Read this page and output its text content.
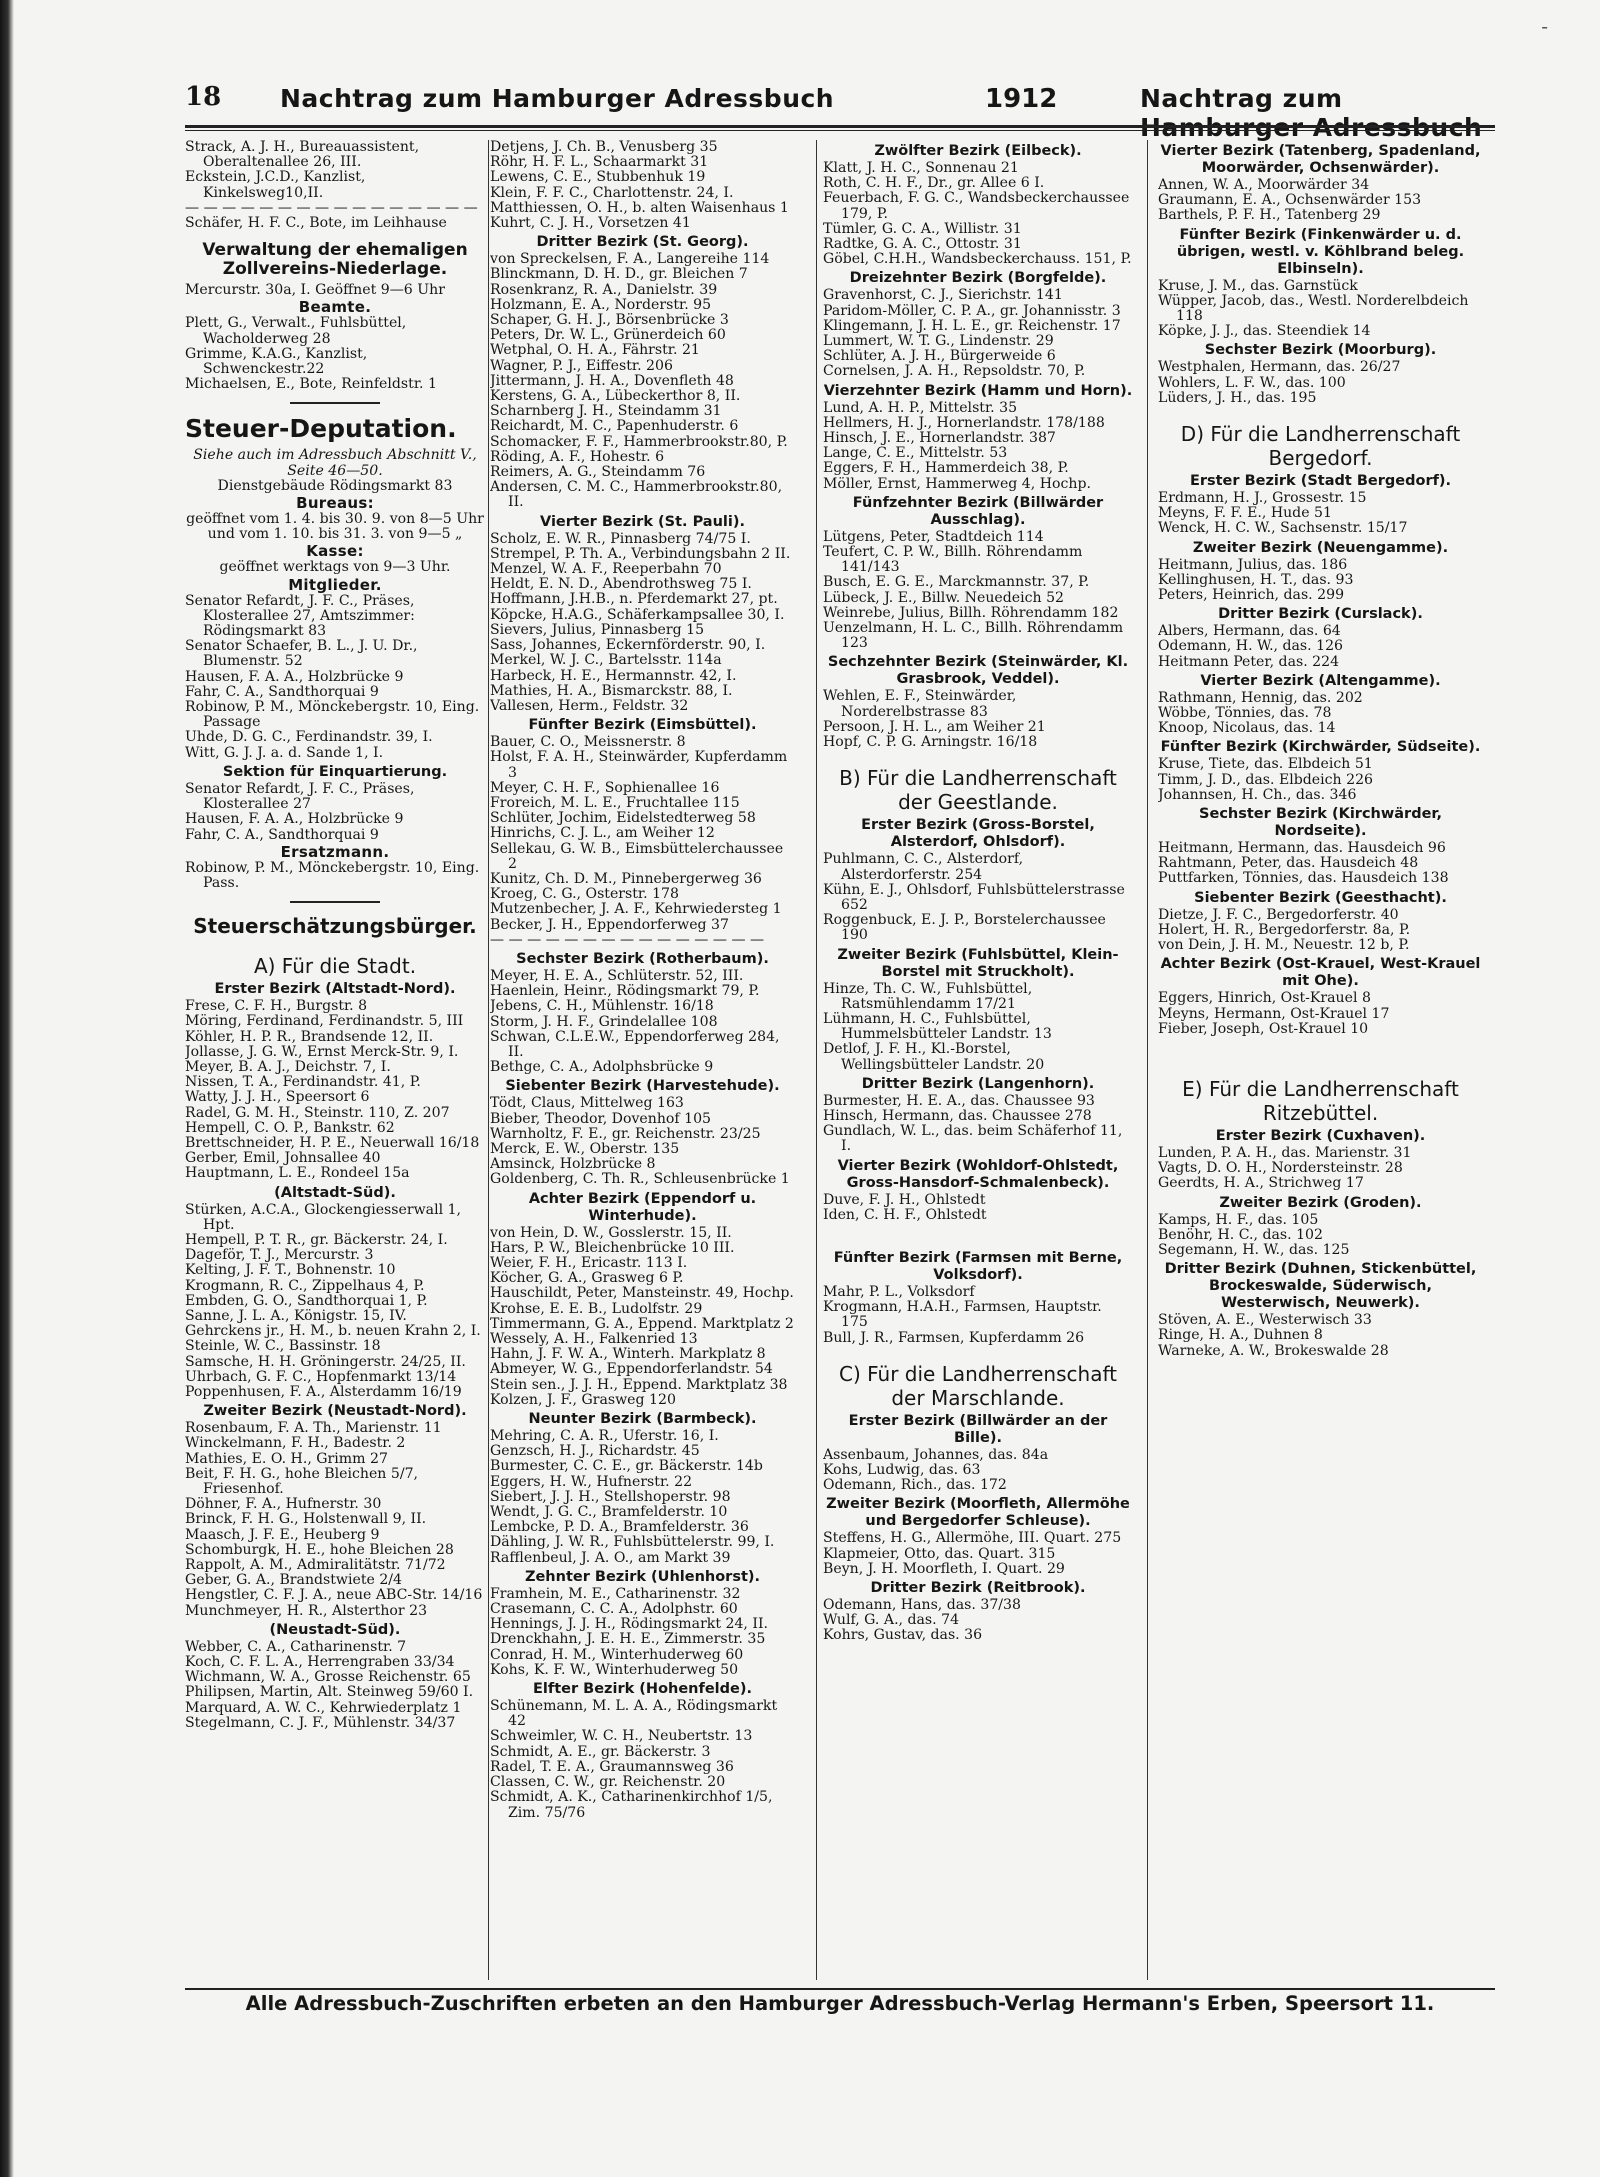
-
18 Nachtrag zum Hamburger Adressbuch	1912	Nachtrag zum Hamburger Adressbuch
Strack, A. J. H., Bureauassistent, Oberaltenallee 26, III.
Eckstein, J.C.D., Kanzlist, Kinkelsweg10,II.
— — — — — — — — — — — — — — — —
Schäfer, H. F. C., Bote, im Leihhause
Verwaltung der ehemaligen Zollvereins-Niederlage.
Mercurstr. 30a, I. Geöffnet 9—6 Uhr
Beamte.
Plett, G., Verwalt., Fuhlsbüttel, Wacholderweg 28
Grimme, K.A.G., Kanzlist, Schwenckestr.22
Michaelsen, E., Bote, Reinfeldstr. 1
Steuer-Deputation.
Siehe auch im Adressbuch Abschnitt V., Seite 46—50.
Dienstgebäude Rödingsmarkt 83
Bureaus:
geöffnet vom 1. 4. bis 30. 9. von 8—5 Uhr und vom 1. 10. bis 31. 3. von 9—5 „
Kasse:
geöffnet werktags von 9—3 Uhr.
Mitglieder.
Senator Refardt, J. F. C., Präses, Klosterallee 27, Amtszimmer: Rödingsmarkt 83
Senator Schaefer, B. L., J. U. Dr., Blumenstr. 52
Hausen, F. A. A., Holzbrücke 9
Fahr, C. A., Sandthorquai 9
Robinow, P. M., Mönckebergstr. 10, Eing. Passage
Uhde, D. G. C., Ferdinandstr. 39, I.
Witt, G. J. J. a. d. Sande 1, I.
Sektion für Einquartierung.
Senator Refardt, J. F. C., Präses, Klosterallee 27
Hausen, F. A. A., Holzbrücke 9
Fahr, C. A., Sandthorquai 9
Ersatzmann.
Robinow, P. M., Mönckebergstr. 10, Eing. Pass.
Steuerschätzungsbürger.
A) Für die Stadt.
Erster Bezirk (Altstadt-Nord).
Frese, C. F. H., Burgstr. 8
Möring, Ferdinand, Ferdinandstr. 5, III
Köhler, H. P. R., Brandsende 12, II.
Jollasse, J. G. W., Ernst Merck-Str. 9, I.
Meyer, B. A. J., Deichstr. 7, I.
Nissen, T. A., Ferdinandstr. 41, P.
Watty, J. J. H., Speersort 6
Radel, G. M. H., Steinstr. 110, Z. 207
Hempell, C. O. P., Bankstr. 62
Brettschneider, H. P. E., Neuerwall 16/18
Gerber, Emil, Johnsallee 40
Hauptmann, L. E., Rondeel 15a
(Altstadt-Süd).
Stürken, A.C.A., Glockengiesserwall 1, Hpt.
Hempell, P. T. R., gr. Bäckerstr. 24, I.
Dageför, T. J., Mercurstr. 3
Kelting, J. F. T., Bohnenstr. 10
Krogmann, R. C., Zippelhaus 4, P.
Embden, G. O., Sandthorquai 1, P.
Sanne, J. L. A., Königstr. 15, IV.
Gehrckens jr., H. M., b. neuen Krahn 2, I.
Steinle, W. C., Bassinstr. 18
Samsche, H. H. Gröningerstr. 24/25, II.
Uhrbach, G. F. C., Hopfenmarkt 13/14
Poppenhusen, F. A., Alsterdamm 16/19
Zweiter Bezirk (Neustadt-Nord).
Rosenbaum, F. A. Th., Marienstr. 11
Winckelmann, F. H., Badestr. 2
Mathies, E. O. H., Grimm 27
Beit, F. H. G., hohe Bleichen 5/7, Friesenhof.
Döhner, F. A., Hufnerstr. 30
Brinck, F. H. G., Holstenwall 9, II.
Maasch, J. F. E., Heuberg 9
Schomburgk, H. E., hohe Bleichen 28
Rappolt, A. M., Admiralitätstr. 71/72
Geber, G. A., Brandstwiete 2/4
Hengstler, C. F. J. A., neue ABC-Str. 14/16
Munchmeyer, H. R., Alsterthor 23
(Neustadt-Süd).
Webber, C. A., Catharinenstr. 7
Koch, C. F. L. A., Herrengraben 33/34
Wichmann, W. A., Grosse Reichenstr. 65
Philipsen, Martin, Alt. Steinweg 59/60 I.
Marquard, A. W. C., Kehrwiederplatz 1
Stegelmann, C. J. F., Mühlenstr. 34/37
Detjens, J. Ch. B., Venusberg 35
Röhr, H. F. L., Schaarmarkt 31
Lewens, C. E., Stubbenhuk 19
Klein, F. F. C., Charlottenstr. 24, I.
Matthiessen, O. H., b. alten Waisenhaus 1
Kuhrt, C. J. H., Vorsetzen 41
Dritter Bezirk (St. Georg).
von Spreckelsen, F. A., Langereihe 114
Blinckmann, D. H. D., gr. Bleichen 7
Rosenkranz, R. A., Danielstr. 39
Holzmann, E. A., Norderstr. 95
Schaper, G. H. J., Börsenbrücke 3
Peters, Dr. W. L., Grünerdeich 60
Wetphal, O. H. A., Fährstr. 21
Wagner, P. J., Eiffestr. 206
Jittermann, J. H. A., Dovenfleth 48
Kerstens, G. A., Lübeckerthor 8, II.
Scharnberg J. H., Steindamm 31
Reichardt, M. C., Papenhuderstr. 6
Schomacker, F. F., Hammerbrookstr.80, P.
Röding, A. F., Hohestr. 6
Reimers, A. G., Steindamm 76
Andersen, C. M. C., Hammerbrookstr.80, II.
Vierter Bezirk (St. Pauli).
Scholz, E. W. R., Pinnasberg 74/75 I.
Strempel, P. Th. A., Verbindungsbahn 2 II.
Menzel, W. A. F., Reeperbahn 70
Heldt, E. N. D., Abendrothsweg 75 I.
Hoffmann, J.H.B., n. Pferdemarkt 27, pt.
Köpcke, H.A.G., Schäferkampsallee 30, I.
Sievers, Julius, Pinnasberg 15
Sass, Johannes, Eckernförderstr. 90, I.
Merkel, W. J. C., Bartelsstr. 114a
Harbeck, H. E., Hermannstr. 42, I.
Mathies, H. A., Bismarckstr. 88, I.
Vallesen, Herm., Feldstr. 32
Fünfter Bezirk (Eimsbüttel).
Bauer, C. O., Meissnerstr. 8
Holst, F. A. H., Steinwärder, Kupferdamm 3
Meyer, C. H. F., Sophienallee 16
Froreich, M. L. E., Fruchtallee 115
Schlüter, Jochim, Eidelstedterweg 58
Hinrichs, C. J. L., am Weiher 12
Sellekau, G. W. B., Eimsbüttelerchaussee 2
Kunitz, Ch. D. M., Pinnebergerweg 36
Kroeg, C. G., Osterstr. 178
Mutzenbecher, J. A. F., Kehrwiedersteg 1
Becker, J. H., Eppendorferweg 37
— — — — — — — — — — — — — — —
Sechster Bezirk (Rotherbaum).
Meyer, H. E. A., Schlüterstr. 52, III.
Haenlein, Heinr., Rödingsmarkt 79, P.
Jebens, C. H., Mühlenstr. 16/18
Storm, J. H. F., Grindelallee 108
Schwan, C.L.E.W., Eppendorferweg 284, II.
Bethge, C. A., Adolphsbrücke 9
Siebenter Bezirk (Harvestehude).
Tödt, Claus, Mittelweg 163
Bieber, Theodor, Dovenhof 105
Warnholtz, F. E., gr. Reichenstr. 23/25
Merck, E. W., Oberstr. 135
Amsinck, Holzbrücke 8
Goldenberg, C. Th. R., Schleusenbrücke 1
Achter Bezirk (Eppendorf u. Winterhude).
von Hein, D. W., Gosslerstr. 15, II.
Hars, P. W., Bleichenbrücke 10 III.
Weier, F. H., Ericastr. 113 I.
Köcher, G. A., Grasweg 6 P.
Hauschildt, Peter, Mansteinstr. 49, Hochp.
Krohse, E. E. B., Ludolfstr. 29
Timmermann, G. A., Eppend. Marktplatz 2
Wessely, A. H., Falkenried 13
Hahn, J. F. W. A., Winterh. Markplatz 8
Abmeyer, W. G., Eppendorferlandstr. 54
Stein sen., J. J. H., Eppend. Marktplatz 38
Kolzen, J. F., Grasweg 120
Neunter Bezirk (Barmbeck).
Mehring, C. A. R., Uferstr. 16, I.
Genzsch, H. J., Richardstr. 45
Burmester, C. C. E., gr. Bäckerstr. 14b
Eggers, H. W., Hufnerstr. 22
Siebert, J. J. H., Stellshoperstr. 98
Wendt, J. G. C., Bramfelderstr. 10
Lembcke, P. D. A., Bramfelderstr. 36
Dähling, J. W. R., Fuhlsbüttelerstr. 99, I.
Rafflenbeul, J. A. O., am Markt 39
Zehnter Bezirk (Uhlenhorst).
Framhein, M. E., Catharinenstr. 32
Crasemann, C. C. A., Adolphstr. 60
Hennings, J. J. H., Rödingsmarkt 24, II.
Drenckhahn, J. E. H. E., Zimmerstr. 35
Conrad, H. M., Winterhuderweg 60
Kohs, K. F. W., Winterhuderweg 50
Elfter Bezirk (Hohenfelde).
Schünemann, M. L. A. A., Rödingsmarkt 42
Schweimler, W. C. H., Neubertstr. 13
Schmidt, A. E., gr. Bäckerstr. 3
Radel, T. E. A., Graumannsweg 36
Classen, C. W., gr. Reichenstr. 20
Schmidt, A. K., Catharinenkirchhof 1/5, Zim. 75/76
Zwölfter Bezirk (Eilbeck).
Klatt, J. H. C., Sonnenau 21
Roth, C. H. F., Dr., gr. Allee 6 I.
Feuerbach, F. G. C., Wandsbeckerchaussee 179, P.
Tümler, G. C. A., Willistr. 31
Radtke, G. A. C., Ottostr. 31
Göbel, C.H.H., Wandsbeckerchauss. 151, P.
Dreizehnter Bezirk (Borgfelde).
Gravenhorst, C. J., Sierichstr. 141
Paridom-Möller, C. P. A., gr. Johannisstr. 3
Klingemann, J. H. L. E., gr. Reichenstr. 17
Lummert, W. T. G., Lindenstr. 29
Schlüter, A. J. H., Bürgerweide 6
Cornelsen, J. A. H., Repsoldstr. 70, P.
Vierzehnter Bezirk (Hamm und Horn).
Lund, A. H. P., Mittelstr. 35
Hellmers, H. J., Hornerlandstr. 178/188
Hinsch, J. E., Hornerlandstr. 387
Lange, C. E., Mittelstr. 53
Eggers, F. H., Hammerdeich 38, P.
Möller, Ernst, Hammerweg 4, Hochp.
Fünfzehnter Bezirk (Billwärder Ausschlag).
Lütgens, Peter, Stadtdeich 114
Teufert, C. P. W., Billh. Röhrendamm 141/143
Busch, E. G. E., Marckmannstr. 37, P.
Lübeck, J. E., Billw. Neuedeich 52
Weinrebe, Julius, Billh. Röhrendamm 182
Uenzelmann, H. L. C., Billh. Röhrendamm 123
Sechzehnter Bezirk (Steinwärder, Kl. Grasbrook, Veddel).
Wehlen, E. F., Steinwärder, Norderelbstrasse 83
Persoon, J. H. L., am Weiher 21
Hopf, C. P. G. Arningstr. 16/18
B) Für die Landherrenschaft der Geestlande.
Erster Bezirk (Gross-Borstel, Alsterdorf, Ohlsdorf).
Puhlmann, C. C., Alsterdorf, Alsterdorferstr. 254
Kühn, E. J., Ohlsdorf, Fuhlsbüttelerstrasse 652
Roggenbuck, E. J. P., Borstelerchaussee 190
Zweiter Bezirk (Fuhlsbüttel, Klein-Borstel mit Struckholt).
Hinze, Th. C. W., Fuhlsbüttel, Ratsmühlendamm 17/21
Lühmann, H. C., Fuhlsbüttel, Hummelsbütteler Landstr. 13
Detlof, J. F. H., Kl.-Borstel, Wellingsbütteler Landstr. 20
Dritter Bezirk (Langenhorn).
Burmester, H. E. A., das. Chaussee 93
Hinsch, Hermann, das. Chaussee 278
Gundlach, W. L., das. beim Schäferhof 11, I.
Vierter Bezirk (Wohldorf-Ohlstedt, Gross-Hansdorf-Schmalenbeck).
Duve, F. J. H., Ohlstedt
Iden, C. H. F., Ohlstedt
Fünfter Bezirk (Farmsen mit Berne, Volksdorf).
Mahr, P. L., Volksdorf
Krogmann, H.A.H., Farmsen, Hauptstr. 175
Bull, J. R., Farmsen, Kupferdamm 26
C) Für die Landherrenschaft der Marschlande.
Erster Bezirk (Billwärder an der Bille).
Assenbaum, Johannes, das. 84a
Kohs, Ludwig, das. 63
Odemann, Rich., das. 172
Zweiter Bezirk (Moorfleth, Allermöhe und Bergedorfer Schleuse).
Steffens, H. G., Allermöhe, III. Quart. 275
Klapmeier, Otto, das. Quart. 315
Beyn, J. H. Moorfleth, I. Quart. 29
Dritter Bezirk (Reitbrook).
Odemann, Hans, das. 37/38
Wulf, G. A., das. 74
Kohrs, Gustav, das. 36
Vierter Bezirk (Tatenberg, Spadenland, Moorwärder, Ochsenwärder).
Annen, W. A., Moorwärder 34
Graumann, E. A., Ochsenwärder 153
Barthels, P. F. H., Tatenberg 29
Fünfter Bezirk (Finkenwärder u. d. übrigen, westl. v. Köhlbrand beleg. Elbinseln).
Kruse, J. M., das. Garnstück
Wüpper, Jacob, das., Westl. Norderelbdeich 118
Köpke, J. J., das. Steendiek 14
Sechster Bezirk (Moorburg).
Westphalen, Hermann, das. 26/27
Wohlers, L. F. W., das. 100
Lüders, J. H., das. 195
D) Für die Landherrenschaft Bergedorf.
Erster Bezirk (Stadt Bergedorf).
Erdmann, H. J., Grossestr. 15
Meyns, F. F. E., Hude 51
Wenck, H. C. W., Sachsenstr. 15/17
Zweiter Bezirk (Neuengamme).
Heitmann, Julius, das. 186
Kellinghusen, H. T., das. 93
Peters, Heinrich, das. 299
Dritter Bezirk (Curslack).
Albers, Hermann, das. 64
Odemann, H. W., das. 126
Heitmann Peter, das. 224
Vierter Bezirk (Altengamme).
Rathmann, Hennig, das. 202
Wöbbe, Tönnies, das. 78
Knoop, Nicolaus, das. 14
Fünfter Bezirk (Kirchwärder, Südseite).
Kruse, Tiete, das. Elbdeich 51
Timm, J. D., das. Elbdeich 226
Johannsen, H. Ch., das. 346
Sechster Bezirk (Kirchwärder, Nordseite).
Heitmann, Hermann, das. Hausdeich 96
Rahtmann, Peter, das. Hausdeich 48
Puttfarken, Tönnies, das. Hausdeich 138
Siebenter Bezirk (Geesthacht).
Dietze, J. F. C., Bergedorferstr. 40
Holert, H. R., Bergedorferstr. 8a, P.
von Dein, J. H. M., Neuestr. 12 b, P.
Achter Bezirk (Ost-Krauel, West-Krauel mit Ohe).
Eggers, Hinrich, Ost-Krauel 8
Meyns, Hermann, Ost-Krauel 17
Fieber, Joseph, Ost-Krauel 10
E) Für die Landherrenschaft Ritzebüttel.
Erster Bezirk (Cuxhaven).
Lunden, P. A. H., das. Marienstr. 31
Vagts, D. O. H., Nordersteinstr. 28
Geerdts, H. A., Strichweg 17
Zweiter Bezirk (Groden).
Kamps, H. F., das. 105
Benöhr, H. C., das. 102
Segemann, H. W., das. 125
Dritter Bezirk (Duhnen, Stickenbüttel, Brockeswalde, Süderwisch, Westerwisch, Neuwerk).
Stöven, A. E., Westerwisch 33
Ringe, H. A., Duhnen 8
Warneke, A. W., Brokeswalde 28
Alle Adressbuch-Zuschriften erbeten an den Hamburger Adressbuch-Verlag Hermann's Erben, Speersort 11.
